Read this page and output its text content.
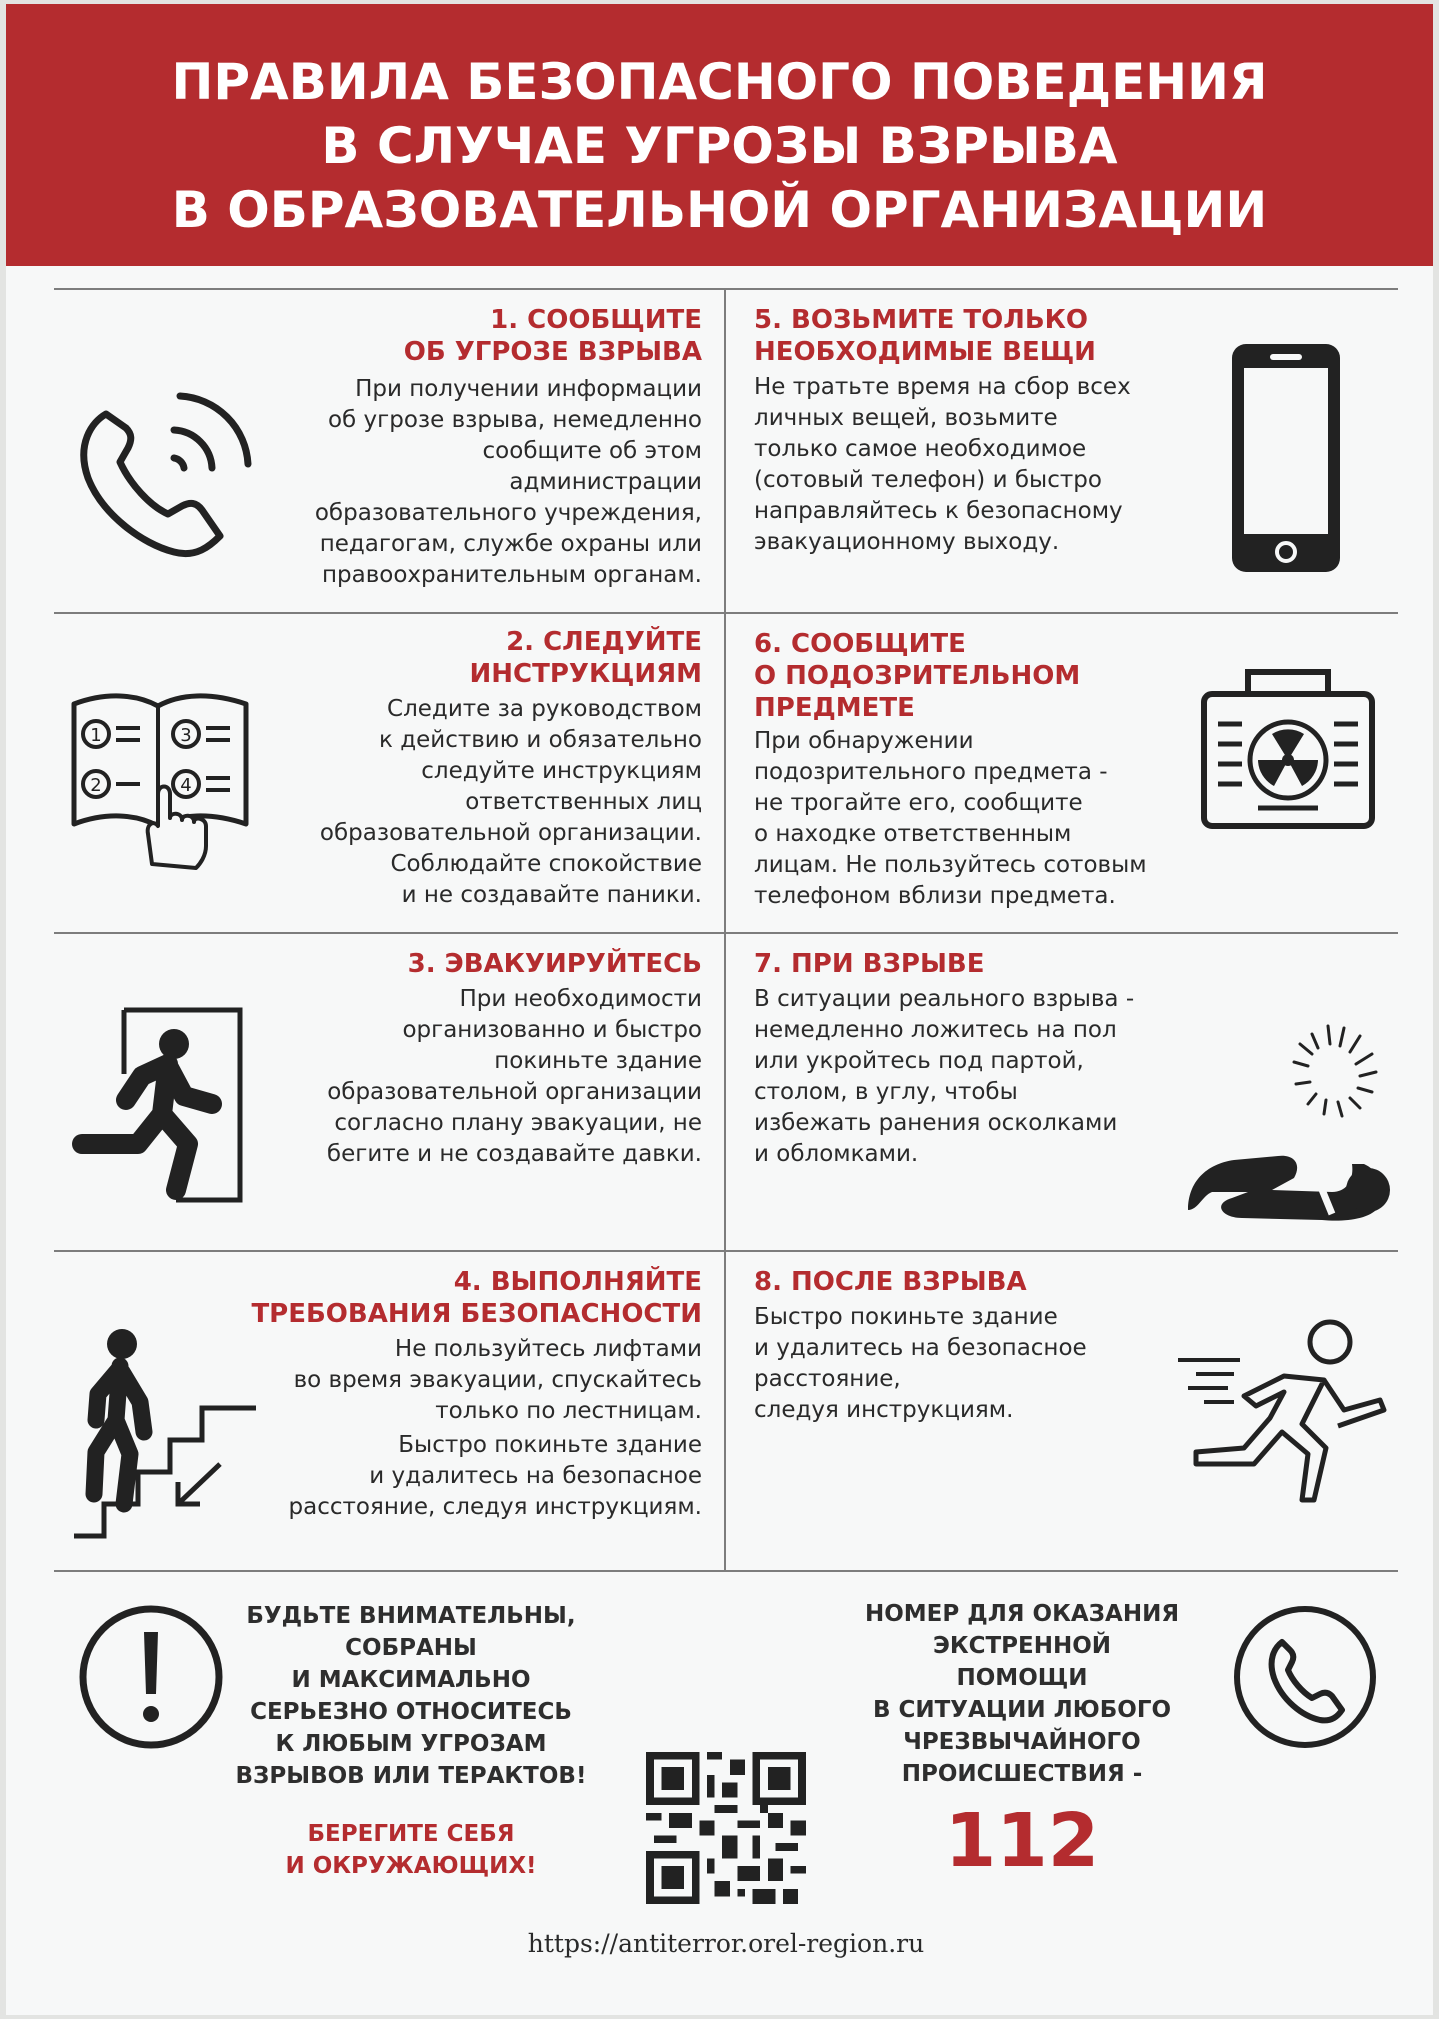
ПРАВИЛА БЕЗОПАСНОГО ПОВЕДЕНИЯ
В СЛУЧАЕ УГРОЗЫ ВЗРЫВА
В ОБРАЗОВАТЕЛЬНОЙ ОРГАНИЗАЦИИ
1. СООБЩИТЕ
ОБ УГРОЗЕ ВЗРЫВА
При получении информации
об угрозе взрыва, немедленно
сообщите об этом
администрации
образовательного учреждения,
педагогам, службе охраны или
правоохранительным органам.
2. СЛЕДУЙТЕ
ИНСТРУКЦИЯМ
Следите за руководством
к действию и обязательно
следуйте инструкциям
ответственных лиц
образовательной организации.
Соблюдайте спокойствие
и не создавайте паники.
1	3
2	4
3. ЭВАКУИРУЙТЕСЬ
При необходимости
организованно и быстро
покиньте здание
образовательной организации
согласно плану эвакуации, не
бегите и не создавайте давки.
4. ВЫПОЛНЯЙТЕ
ТРЕБОВАНИЯ БЕЗОПАСНОСТИ
Не пользуйтесь лифтами
во время эвакуации, спускайтесь
только по лестницам.
Быстро покиньте здание
и удалитесь на безопасное
расстояние, следуя инструкциям.
5. ВОЗЬМИТЕ ТОЛЬКО
НЕОБХОДИМЫЕ ВЕЩИ
Не тратьте время на сбор всех
личных вещей, возьмите
только самое необходимое
(сотовый телефон) и быстро
направляйтесь к безопасному
эвакуационному выходу.
6. СООБЩИТЕ
О ПОДОЗРИТЕЛЬНОМ
ПРЕДМЕТЕ
При обнаружении
подозрительного предмета -
не трогайте его, сообщите
о находке ответственным
лицам. Не пользуйтесь сотовым
телефоном вблизи предмета.
7. ПРИ ВЗРЫВЕ
В ситуации реального взрыва -
немедленно ложитесь на пол
или укройтесь под партой,
столом, в углу, чтобы
избежать ранения осколками
и обломками.
8. ПОСЛЕ ВЗРЫВА
Быстро покиньте здание
и удалитесь на безопасное
расстояние,
следуя инструкциям.
БУДЬТЕ ВНИМАТЕЛЬНЫ,
СОБРАНЫ
И МАКСИМАЛЬНО
СЕРЬЕЗНО ОТНОСИТЕСЬ
К ЛЮБЫМ УГРОЗАМ
ВЗРЫВОВ ИЛИ ТЕРАКТОВ!
БЕРЕГИТЕ СЕБЯ
И ОКРУЖАЮЩИХ!
НОМЕР ДЛЯ ОКАЗАНИЯ
ЭКСТРЕННОЙ
ПОМОЩИ
В СИТУАЦИИ ЛЮБОГО
ЧРЕЗВЫЧАЙНОГО
ПРОИСШЕСТВИЯ -
112
https://antiterror.orel-region.ru
